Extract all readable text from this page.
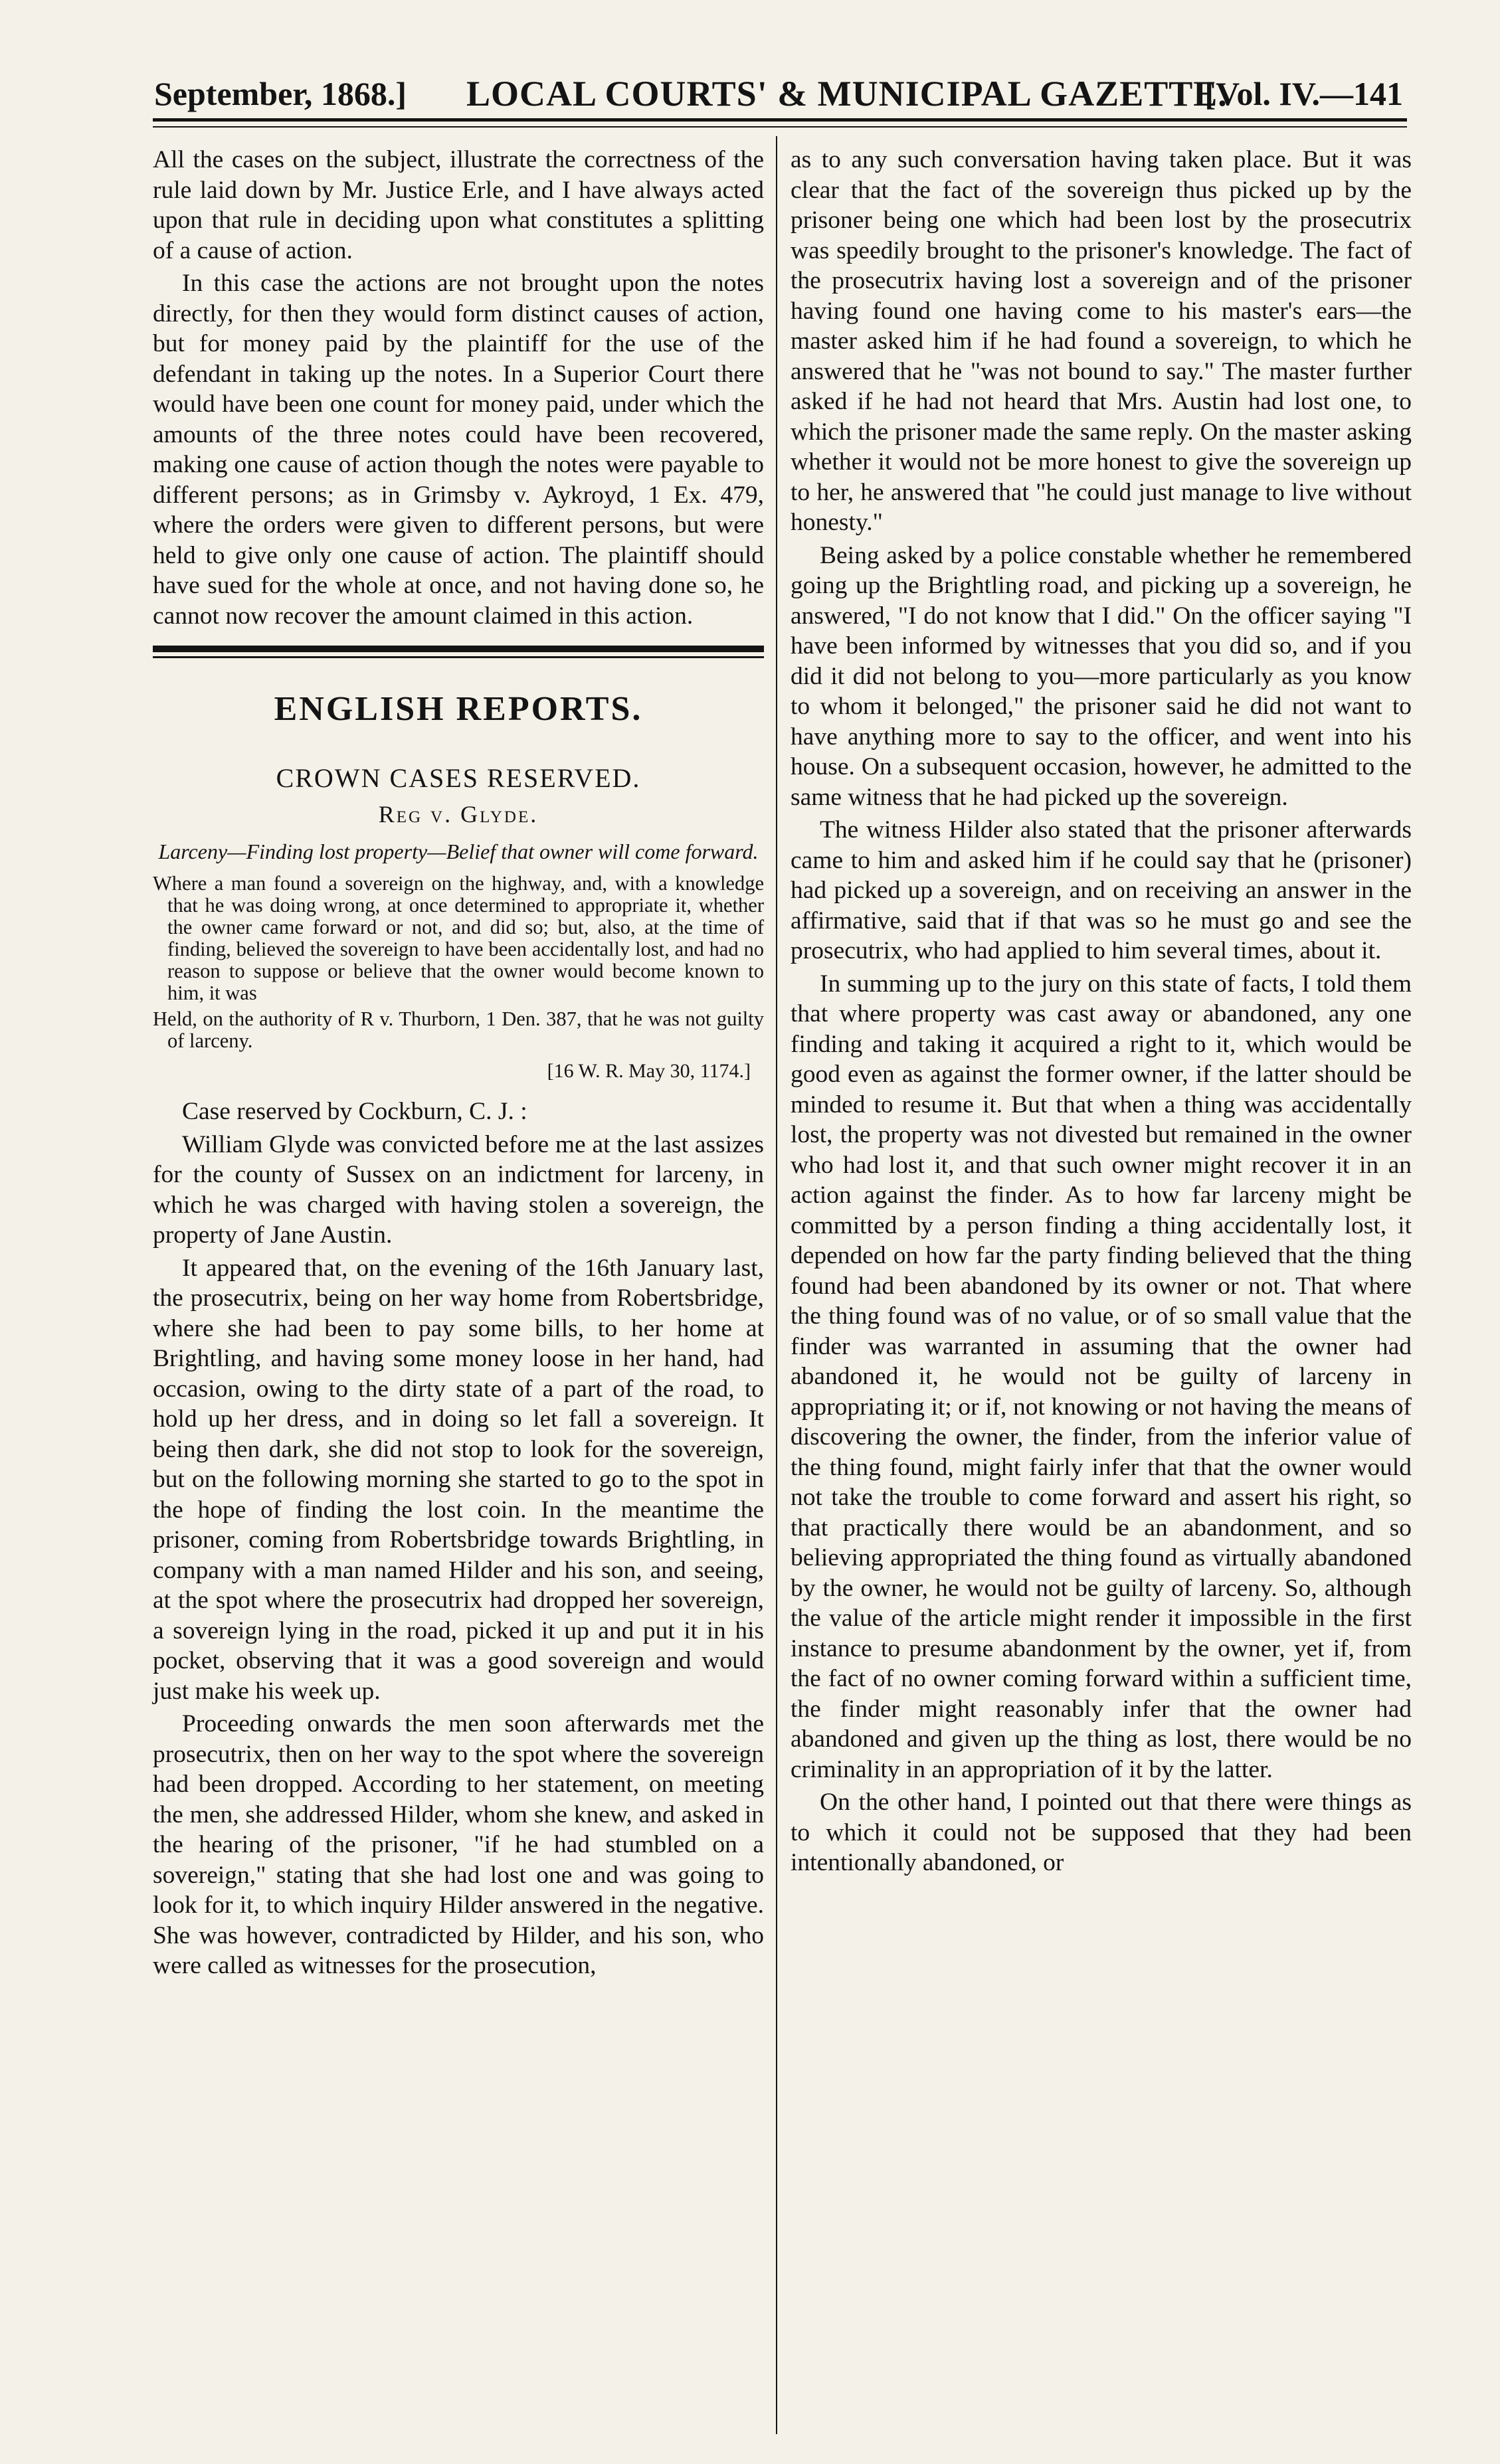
September, 1868.] LOCAL COURTS' & MUNICIPAL GAZETTE.
[Vol. IV.—141

All the cases on the subject, illustrate the correctness of the rule laid down by Mr. Justice Erle, and I have always acted upon that rule in deciding upon what constitutes a splitting of a cause of action.

In this case the actions are not brought upon the notes directly, for then they would form distinct causes of action, but for money paid by the plaintiff for the use of the defendant in taking up the notes. In a Superior Court there would have been one count for money paid, under which the amounts of the three notes could have been recovered, making one cause of action though the notes were payable to different persons; as in Grimsby v. Aykroyd, 1 Ex. 479, where the orders were given to different persons, but were held to give only one cause of action. The plaintiff should have sued for the whole at once, and not having done so, he cannot now recover the amount claimed in this action.

ENGLISH REPORTS.
CROWN CASES RESERVED.
Reg v. Glyde.
Larceny—Finding lost property—Belief that owner will come forward.

Where a man found a sovereign on the highway, and, with a knowledge that he was doing wrong, at once determined to appropriate it, whether the owner came forward or not, and did so; but, also, at the time of finding, believed the sovereign to have been accidentally lost, and had no reason to suppose or believe that the owner would become known to him, it was

Held, on the authority of R v. Thurborn, 1 Den. 387, that he was not guilty of larceny.

[16 W. R. May 30, 1174.]

Case reserved by Cockburn, C. J. :

William Glyde was convicted before me at the last assizes for the county of Sussex on an indictment for larceny, in which he was charged with having stolen a sovereign, the property of Jane Austin.

It appeared that, on the evening of the 16th January last, the prosecutrix, being on her way home from Robertsbridge, where she had been to pay some bills, to her home at Brightling, and having some money loose in her hand, had occasion, owing to the dirty state of a part of the road, to hold up her dress, and in doing so let fall a sovereign. It being then dark, she did not stop to look for the sovereign, but on the following morning she started to go to the spot in the hope of finding the lost coin. In the meantime the prisoner, coming from Robertsbridge towards Brightling, in company with a man named Hilder and his son, and seeing, at the spot where the prosecutrix had dropped her sovereign, a sovereign lying in the road, picked it up and put it in his pocket, observing that it was a good sovereign and would just make his week up.

Proceeding onwards the men soon afterwards met the prosecutrix, then on her way to the spot where the sovereign had been dropped. According to her statement, on meeting the men, she addressed Hilder, whom she knew, and asked in the hearing of the prisoner, "if he had stumbled on a sovereign," stating that she had lost one and was going to look for it, to which inquiry Hilder answered in the negative. She was however, contradicted by Hilder, and his son, who were called as witnesses for the prosecution,

as to any such conversation having taken place. But it was clear that the fact of the sovereign thus picked up by the prisoner being one which had been lost by the prosecutrix was speedily brought to the prisoner's knowledge. The fact of the prosecutrix having lost a sovereign and of the prisoner having found one having come to his master's ears—the master asked him if he had found a sovereign, to which he answered that he "was not bound to say." The master further asked if he had not heard that Mrs. Austin had lost one, to which the prisoner made the same reply. On the master asking whether it would not be more honest to give the sovereign up to her, he answered that "he could just manage to live without honesty."

Being asked by a police constable whether he remembered going up the Brightling road, and picking up a sovereign, he answered, "I do not know that I did." On the officer saying "I have been informed by witnesses that you did so, and if you did it did not belong to you—more particularly as you know to whom it belonged," the prisoner said he did not want to have anything more to say to the officer, and went into his house. On a subsequent occasion, however, he admitted to the same witness that he had picked up the sovereign.

The witness Hilder also stated that the prisoner afterwards came to him and asked him if he could say that he (prisoner) had picked up a sovereign, and on receiving an answer in the affirmative, said that if that was so he must go and see the prosecutrix, who had applied to him several times, about it.

In summing up to the jury on this state of facts, I told them that where property was cast away or abandoned, any one finding and taking it acquired a right to it, which would be good even as against the former owner, if the latter should be minded to resume it. But that when a thing was accidentally lost, the property was not divested but remained in the owner who had lost it, and that such owner might recover it in an action against the finder. As to how far larceny might be committed by a person finding a thing accidentally lost, it depended on how far the party finding believed that the thing found had been abandoned by its owner or not. That where the thing found was of no value, or of so small value that the finder was warranted in assuming that the owner had abandoned it, he would not be guilty of larceny in appropriating it; or if, not knowing or not having the means of discovering the owner, the finder, from the inferior value of the thing found, might fairly infer that that the owner would not take the trouble to come forward and assert his right, so that practically there would be an abandonment, and so believing appropriated the thing found as virtually abandoned by the owner, he would not be guilty of larceny. So, although the value of the article might render it impossible in the first instance to presume abandonment by the owner, yet if, from the fact of no owner coming forward within a sufficient time, the finder might reasonably infer that the owner had abandoned and given up the thing as lost, there would be no criminality in an appropriation of it by the latter.

On the other hand, I pointed out that there were things as to which it could not be supposed that they had been intentionally abandoned, or
